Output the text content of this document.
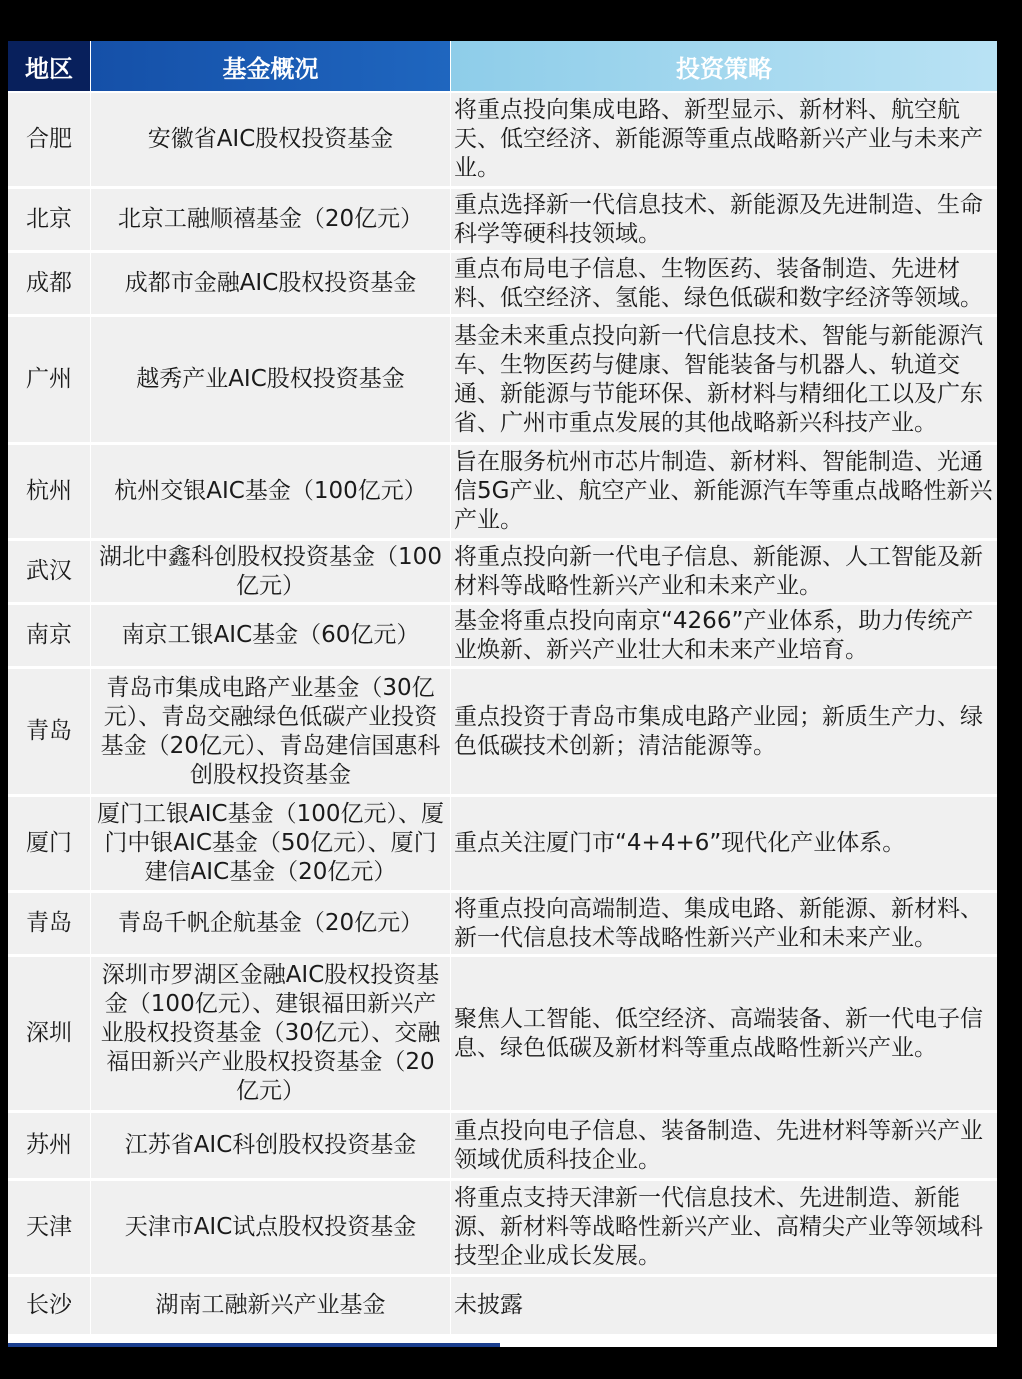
地区	基金概况	投资策略
合肥	安徽省AIC股权投资基金	将重点投向集成电路、新型显示、新材料、航空航天、低空经济、新能源等重点战略新兴产业与未来产业。
北京	北京工融顺禧基金（20亿元）	重点选择新一代信息技术、新能源及先进制造、生命科学等硬科技领域。
成都	成都市金融AIC股权投资基金	重点布局电子信息、生物医药、装备制造、先进材料、低空经济、氢能、绿色低碳和数字经济等领域。
广州	越秀产业AIC股权投资基金	基金未来重点投向新一代信息技术、智能与新能源汽车、生物医药与健康、智能装备与机器人、轨道交通、新能源与节能环保、新材料与精细化工以及广东省、广州市重点发展的其他战略新兴科技产业。
杭州	杭州交银AIC基金（100亿元）	旨在服务杭州市芯片制造、新材料、智能制造、光通信5G产业、航空产业、新能源汽车等重点战略性新兴产业。
武汉	湖北中鑫科创股权投资基金（100亿元）	将重点投向新一代电子信息、新能源、人工智能及新材料等战略性新兴产业和未来产业。
南京	南京工银AIC基金（60亿元）	基金将重点投向南京“4266”产业体系，助力传统产业焕新、新兴产业壮大和未来产业培育。
青岛	青岛市集成电路产业基金（30亿元）、青岛交融绿色低碳产业投资基金（20亿元）、青岛建信国惠科创股权投资基金	重点投资于青岛市集成电路产业园；新质生产力、绿色低碳技术创新；清洁能源等。
厦门	厦门工银AIC基金（100亿元）、厦门中银AIC基金（50亿元）、厦门建信AIC基金（20亿元）	重点关注厦门市“4+4+6”现代化产业体系。
青岛	青岛千帆企航基金（20亿元）	将重点投向高端制造、集成电路、新能源、新材料、新一代信息技术等战略性新兴产业和未来产业。
深圳	深圳市罗湖区金融AIC股权投资基金（100亿元）、建银福田新兴产业股权投资基金（30亿元）、交融福田新兴产业股权投资基金（20亿元）	聚焦人工智能、低空经济、高端装备、新一代电子信息、绿色低碳及新材料等重点战略性新兴产业。
苏州	江苏省AIC科创股权投资基金	重点投向电子信息、装备制造、先进材料等新兴产业领域优质科技企业。
天津	天津市AIC试点股权投资基金	将重点支持天津新一代信息技术、先进制造、新能源、新材料等战略性新兴产业、高精尖产业等领域科技型企业成长发展。
长沙	湖南工融新兴产业基金	未披露
